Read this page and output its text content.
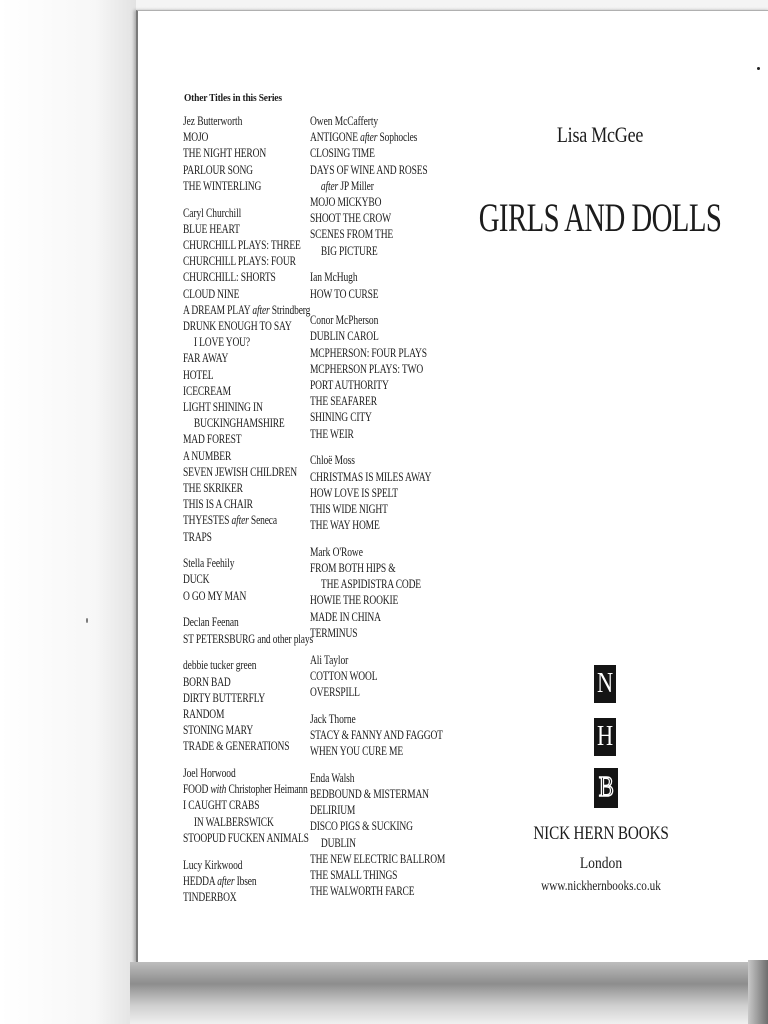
Other Titles in this Series
Jez Butterworth
MOJO
THE NIGHT HERON
PARLOUR SONG
THE WINTERLING
Caryl Churchill
BLUE HEART
CHURCHILL PLAYS: THREE
CHURCHILL PLAYS: FOUR
CHURCHILL: SHORTS
CLOUD NINE
A DREAM PLAY after Strindberg
DRUNK ENOUGH TO SAY
I LOVE YOU?
FAR AWAY
HOTEL
ICECREAM
LIGHT SHINING IN
BUCKINGHAMSHIRE
MAD FOREST
A NUMBER
SEVEN JEWISH CHILDREN
THE SKRIKER
THIS IS A CHAIR
THYESTES after Seneca
TRAPS
Stella Feehily
DUCK
O GO MY MAN
Declan Feenan
ST PETERSBURG and other plays
debbie tucker green
BORN BAD
DIRTY BUTTERFLY
RANDOM
STONING MARY
TRADE & GENERATIONS
Joel Horwood
FOOD with Christopher Heimann
I CAUGHT CRABS
IN WALBERSWICK
STOOPUD FUCKEN ANIMALS
Lucy Kirkwood
HEDDA after Ibsen
TINDERBOX
Owen McCafferty
ANTIGONE after Sophocles
CLOSING TIME
DAYS OF WINE AND ROSES
after JP Miller
MOJO MICKYBO
SHOOT THE CROW
SCENES FROM THE
BIG PICTURE
Ian McHugh
HOW TO CURSE
Conor McPherson
DUBLIN CAROL
MCPHERSON: FOUR PLAYS
MCPHERSON PLAYS: TWO
PORT AUTHORITY
THE SEAFARER
SHINING CITY
THE WEIR
Chloë Moss
CHRISTMAS IS MILES AWAY
HOW LOVE IS SPELT
THIS WIDE NIGHT
THE WAY HOME
Mark O'Rowe
FROM BOTH HIPS &
THE ASPIDISTRA CODE
HOWIE THE ROOKIE
MADE IN CHINA
TERMINUS
Ali Taylor
COTTON WOOL
OVERSPILL
Jack Thorne
STACY & FANNY AND FAGGOT
WHEN YOU CURE ME
Enda Walsh
BEDBOUND & MISTERMAN
DELIRIUM
DISCO PIGS & SUCKING
DUBLIN
THE NEW ELECTRIC BALLROM
THE SMALL THINGS
THE WALWORTH FARCE
Lisa McGee
GIRLS AND DOLLS
N
H
B
NICK HERN BOOKS
London
www.nickhernbooks.co.uk
